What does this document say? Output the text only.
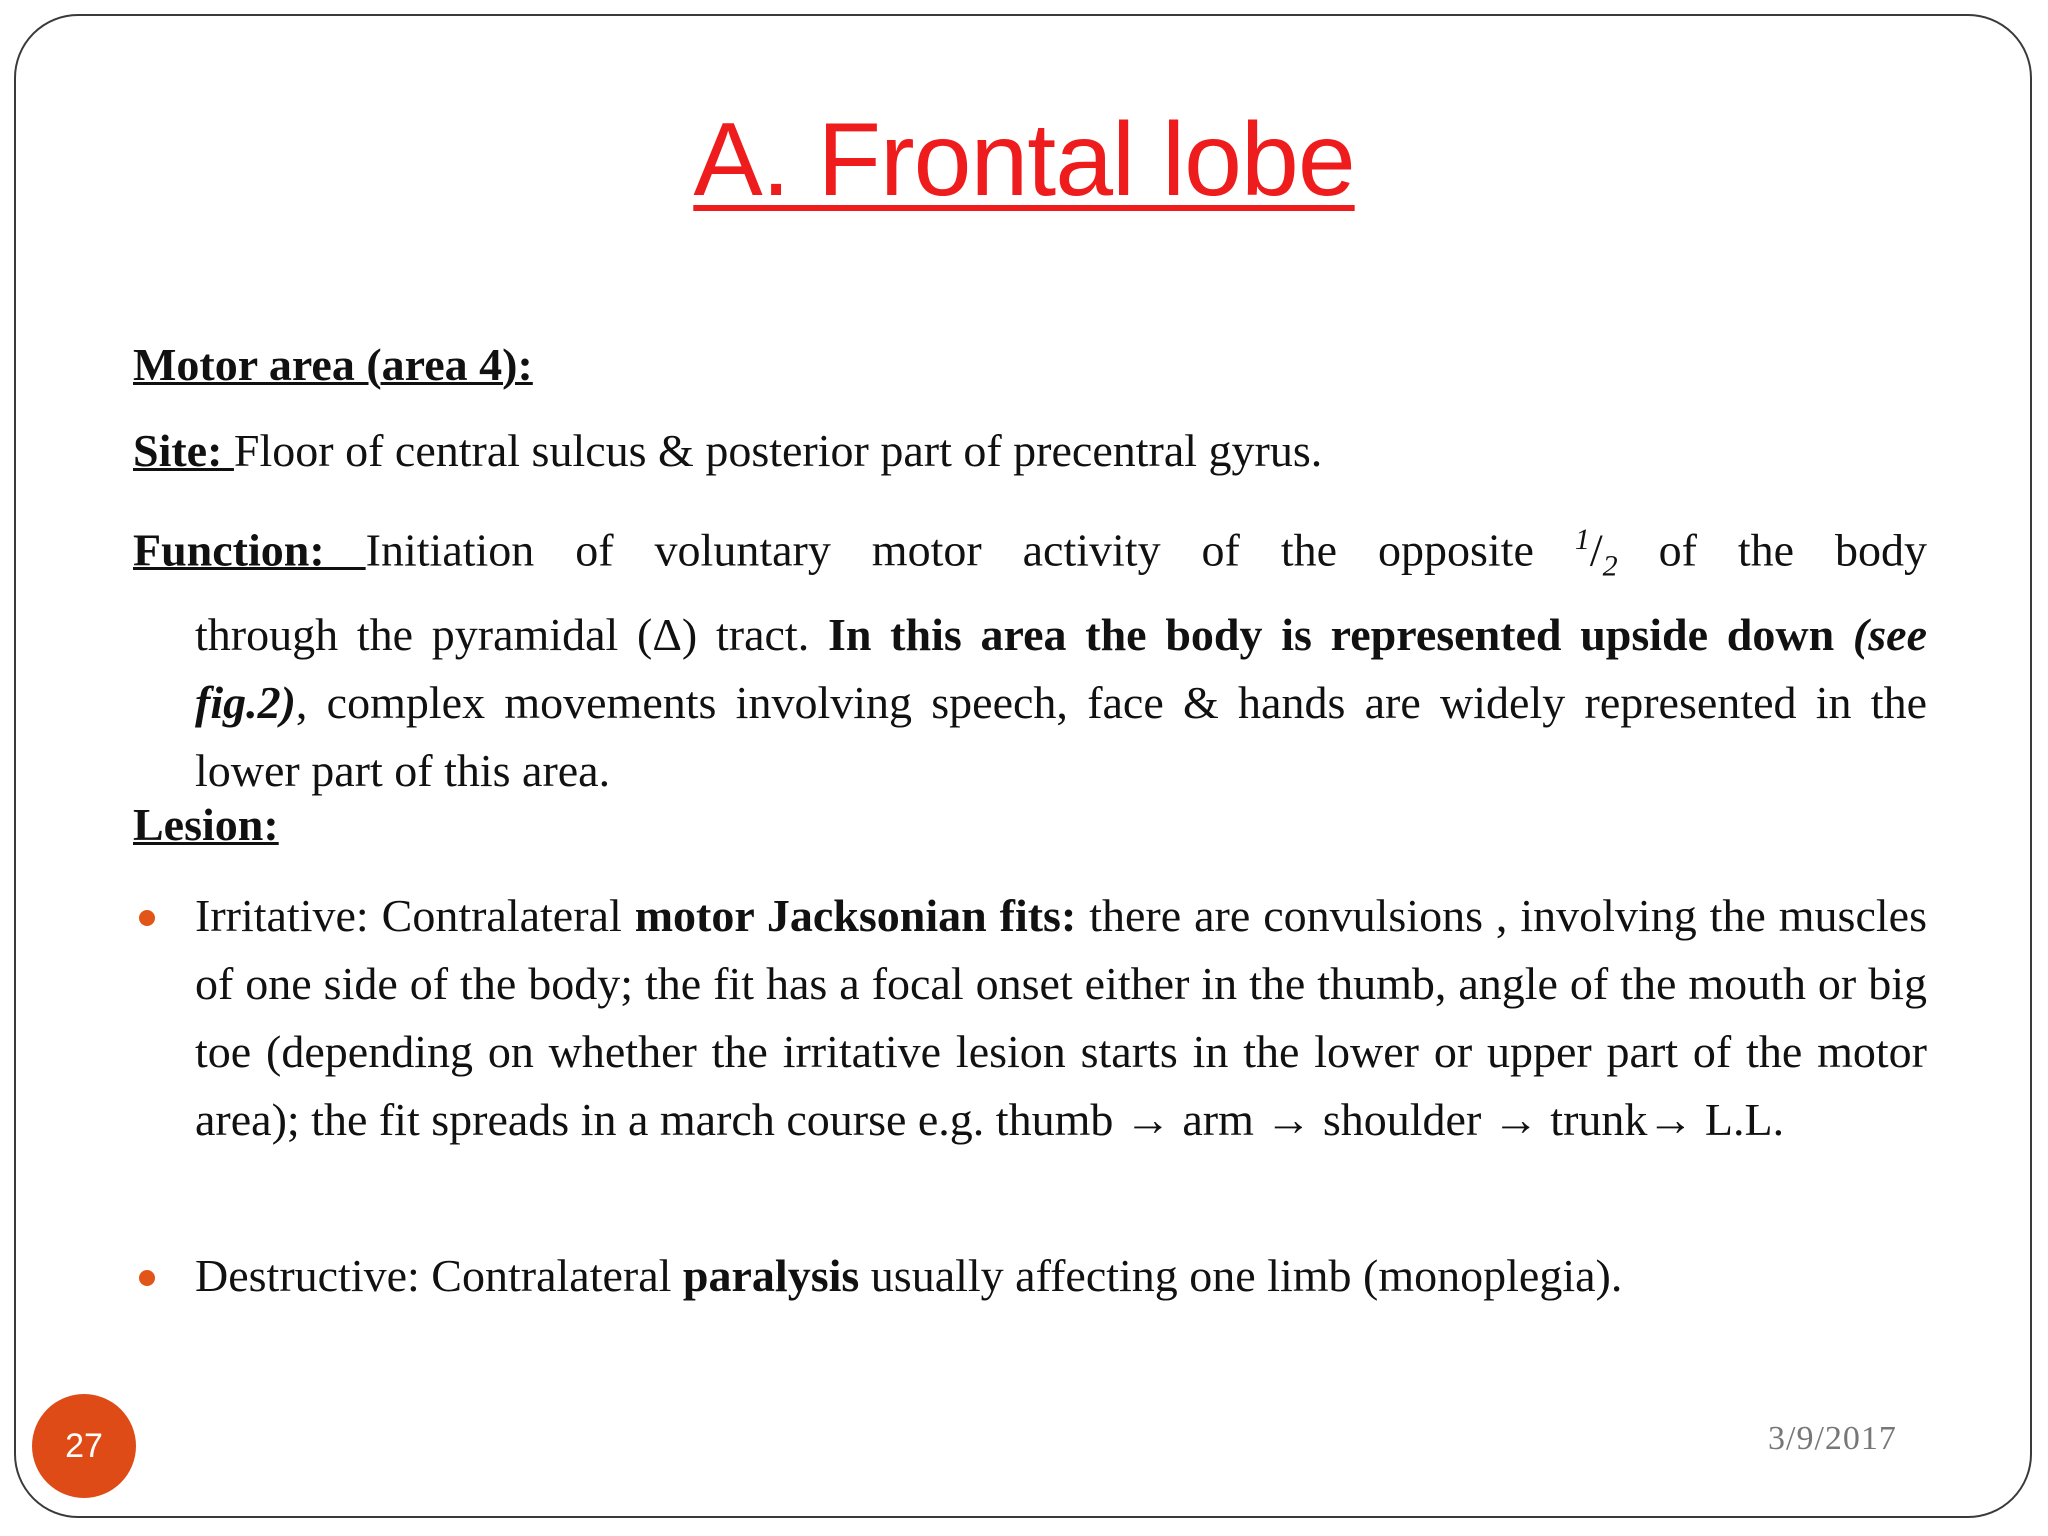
A. Frontal lobe
Motor area (area 4):
Site: Floor of central sulcus & posterior part of precentral gyrus.
Function: Initiation of voluntary motor activity of the opposite $^1/_2$ of the body
through the pyramidal (Δ) tract. In this area the body is represented upside down (see fig.2), complex movements involving speech, face & hands are widely represented in the lower part of this area.
Lesion:
Irritative: Contralateral motor Jacksonian fits: there are convulsions , involving the muscles of one side of the body; the fit has a focal onset either in the thumb, angle of the mouth or big toe (depending on whether the irritative lesion starts in the lower or upper part of the motor area); the fit spreads in a march course e.g. thumb → arm → shoulder → trunk→ L.L.
Destructive: Contralateral paralysis usually affecting one limb (monoplegia).
27	3/9/2017
